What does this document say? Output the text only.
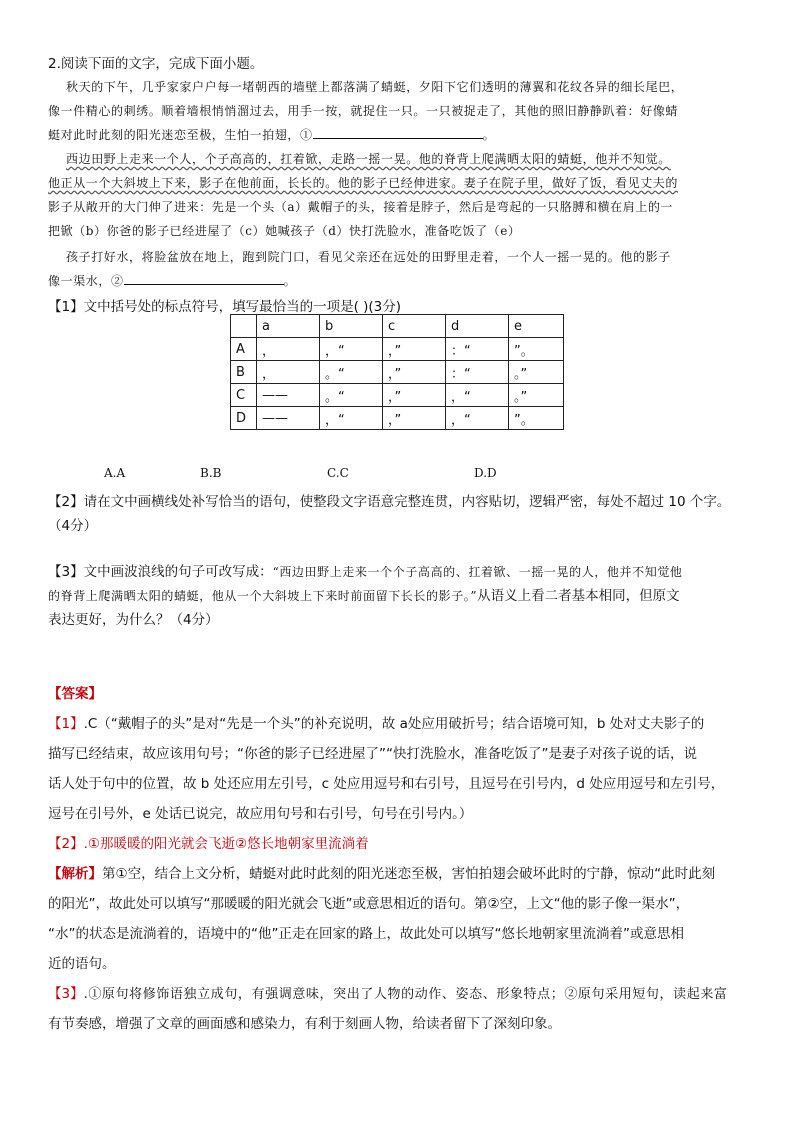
2.阅读下面的文字，完成下面小题。
秋天的下午，几乎家家户户每一堵朝西的墙壁上都落满了蜻蜓，夕阳下它们透明的薄翼和花纹各异的细长尾巴，
像一件精心的刺绣。顺着墙根悄悄溜过去，用手一按，就捉住一只。一只被捉走了，其他的照旧静静趴着：好像蜻
蜓对此时此刻的阳光迷恋至极，生怕一拍翅，①	。
西边田野上走来一个人，个子高高的，扛着锨，走路一摇一晃。他的脊背上爬满晒太阳的蜻蜓，他并不知觉。
他正从一个大斜坡上下来，影子在他前面，长长的。他的影子已经伸进家。妻子在院子里，做好了饭，看见丈夫的
影子从敞开的大门伸了进来：先是一个头（a）戴帽子的头，接着是脖子，然后是弯起的一只胳膊和横在肩上的一
把锨（b）你爸的影子已经进屋了（c）她喊孩子（d）快打洗脸水，准备吃饭了（e）
孩子打好水，将脸盆放在地上，跑到院门口，看见父亲还在远处的田野里走着，一个人一摇一晃的。他的影子
像一渠水，②	。
【1】文中括号处的标点符号，填写最恰当的一项是( )(3分)
	a	b	c	d	e
A	，	，“	，”	：“	”。
B	，	。“	，”	：“	。”
C	——	。“	，”	，“	。”
D	——	，“	，”	，“	”。
A.A	B.B	C.C	D.D
【2】请在文中画横线处补写恰当的语句，使整段文字语意完整连贯，内容贴切，逻辑严密，每处不超过 10 个字。
（4分）
【3】文中画波浪线的句子可改写成：“西边田野上走来一个个子高高的、扛着锨、一摇一晃的人，他并不知觉他
的脊背上爬满晒太阳的蜻蜓，他从一个大斜坡上下来时前面留下长长的影子。”从语义上看二者基本相同，但原文
表达更好，为什么？（4分）
【答案】
【1】.C（“戴帽子的头”是对“先是一个头”的补充说明，故 a处应用破折号；结合语境可知，b 处对丈夫影子的
描写已经结束，故应该用句号；“你爸的影子已经进屋了”“快打洗脸水，准备吃饭了”是妻子对孩子说的话，说
话人处于句中的位置，故 b 处还应用左引号，c 处应用逗号和右引号，且逗号在引号内，d 处应用逗号和左引号，
逗号在引号外，e 处话已说完，故应用句号和右引号，句号在引号内。）
【2】.①那暖暖的阳光就会飞逝②悠长地朝家里流淌着
【解析】第①空，结合上文分析，蜻蜓对此时此刻的阳光迷恋至极，害怕拍翅会破坏此时的宁静，惊动“此时此刻
的阳光”，故此处可以填写“那暖暖的阳光就会飞逝”或意思相近的语句。第②空，上文“他的影子像一渠水”，
“水”的状态是流淌着的，语境中的“他”正走在回家的路上，故此处可以填写“悠长地朝家里流淌着”或意思相
近的语句。
【3】.①原句将修饰语独立成句，有强调意味，突出了人物的动作、姿态、形象特点；②原句采用短句，读起来富
有节奏感，增强了文章的画面感和感染力，有利于刻画人物，给读者留下了深刻印象。
